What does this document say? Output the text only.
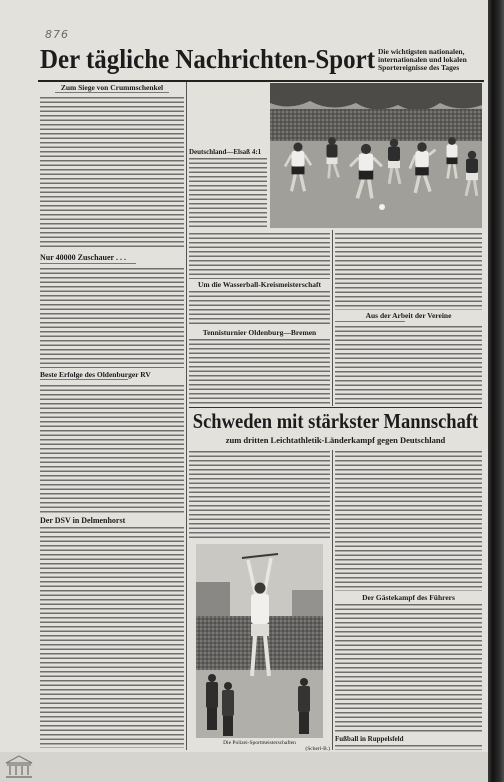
876
Der tägliche Nachrichten-Sport Die wichtigsten nationalen,
internationalen und lokalen
Sportereignisse des Tages
Zum Siege von Crummschenkel
Nur 40000 Zuschauer . . .
Beste Erfolge des Oldenburger RV
Der DSV in Delmenhorst
Deutschland—Elsaß 4:1
Um die Wasserball-Kreismeisterschaft
Tennisturnier Oldenburg—Bremen
Aus der Arbeit der Vereine
Schweden mit stärkster Mannschaft
zum dritten Leichtathletik-Länderkampf gegen Deutschland
Die Polizei-Sportmeisterschaften
(Scherl-B.)
Der Gästekampf des Führers
Fußball in Ruppelsfeld
